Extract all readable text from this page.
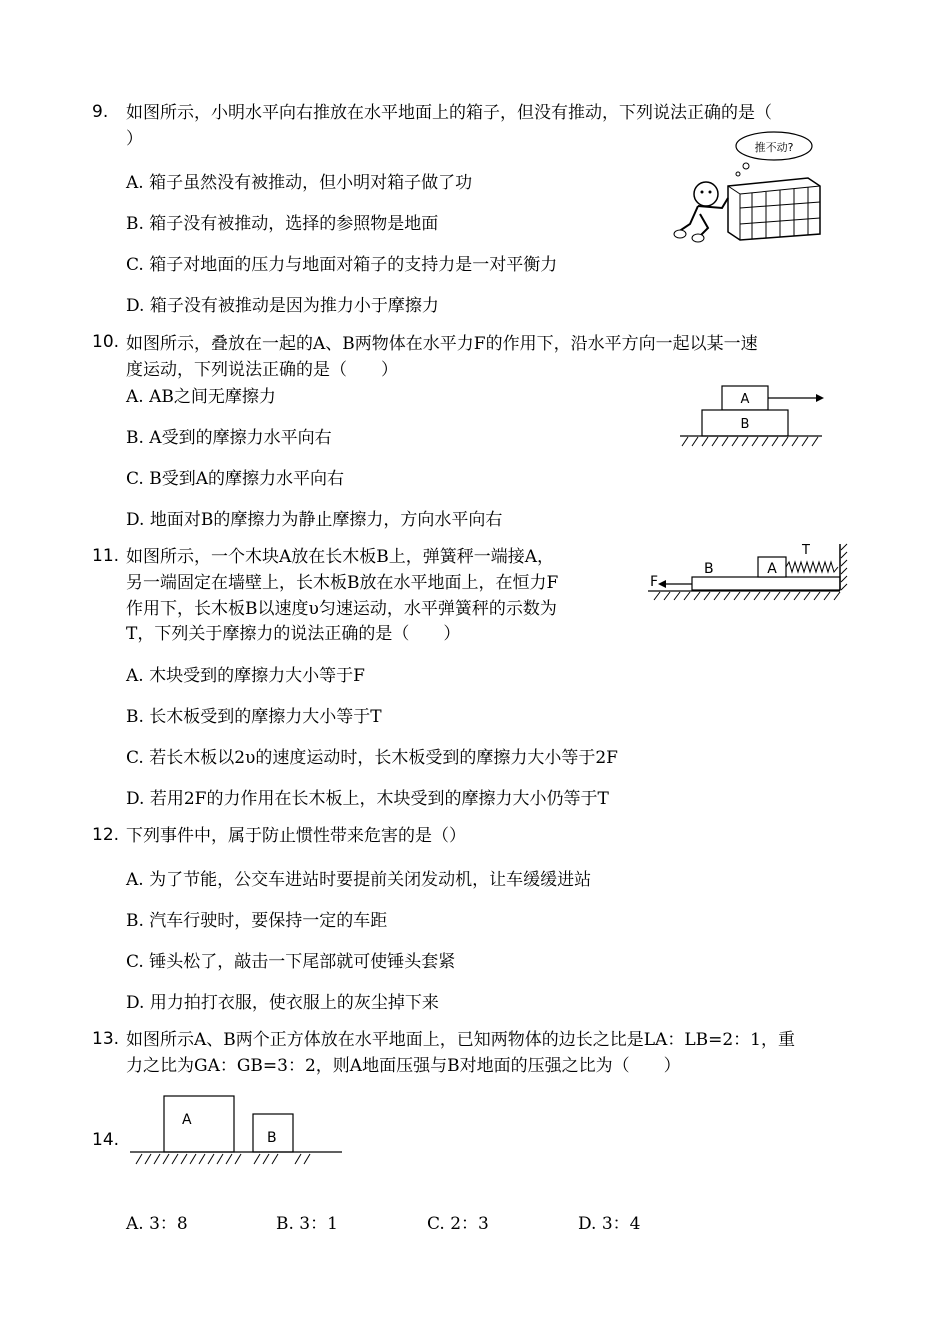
9. 如图所示，小明水平向右推放在水平地面上的箱子，但没有推动，下列说法正确的是（
）
A. 箱子虽然没有被推动，但小明对箱子做了功
B. 箱子没有被推动，选择的参照物是地面
C. 箱子对地面的压力与地面对箱子的支持力是一对平衡力
D. 箱子没有被推动是因为推力小于摩擦力
推不动?
10. 如图所示，叠放在一起的A、B两物体在水平力F的作用下，沿水平方向一起以某一速
度运动，下列说法正确的是（　　）
A. AB之间无摩擦力
B. A受到的摩擦力水平向右
C. B受到A的摩擦力水平向右
D. 地面对B的摩擦力为静止摩擦力，方向水平向右
A
B
11. 如图所示，一个木块A放在长木板B上，弹簧秤一端接A，
另一端固定在墙壁上，长木板B放在水平地面上，在恒力F
作用下，长木板B以速度υ匀速运动，水平弹簧秤的示数为
T，下列关于摩擦力的说法正确的是（　　）
A. 木块受到的摩擦力大小等于F
B. 长木板受到的摩擦力大小等于T
C. 若长木板以2υ的速度运动时，长木板受到的摩擦力大小等于2F
D. 若用2F的力作用在长木板上，木块受到的摩擦力大小仍等于T
F
B	A
T
12. 下列事件中，属于防止惯性带来危害的是（）
A. 为了节能，公交车进站时要提前关闭发动机，让车缓缓进站
B. 汽车行驶时，要保持一定的车距
C. 锤头松了，敲击一下尾部就可使锤头套紧
D. 用力拍打衣服，使衣服上的灰尘掉下来
13. 如图所示A、B两个正方体放在水平地面上，已知两物体的边长之比是LA：LB=2：1，重
力之比为GA：GB=3：2，则A地面压强与B对地面的压强之比为（　　）
14.
A
B
A. 3：8	B. 3：1	C. 2：3	D. 3：4
